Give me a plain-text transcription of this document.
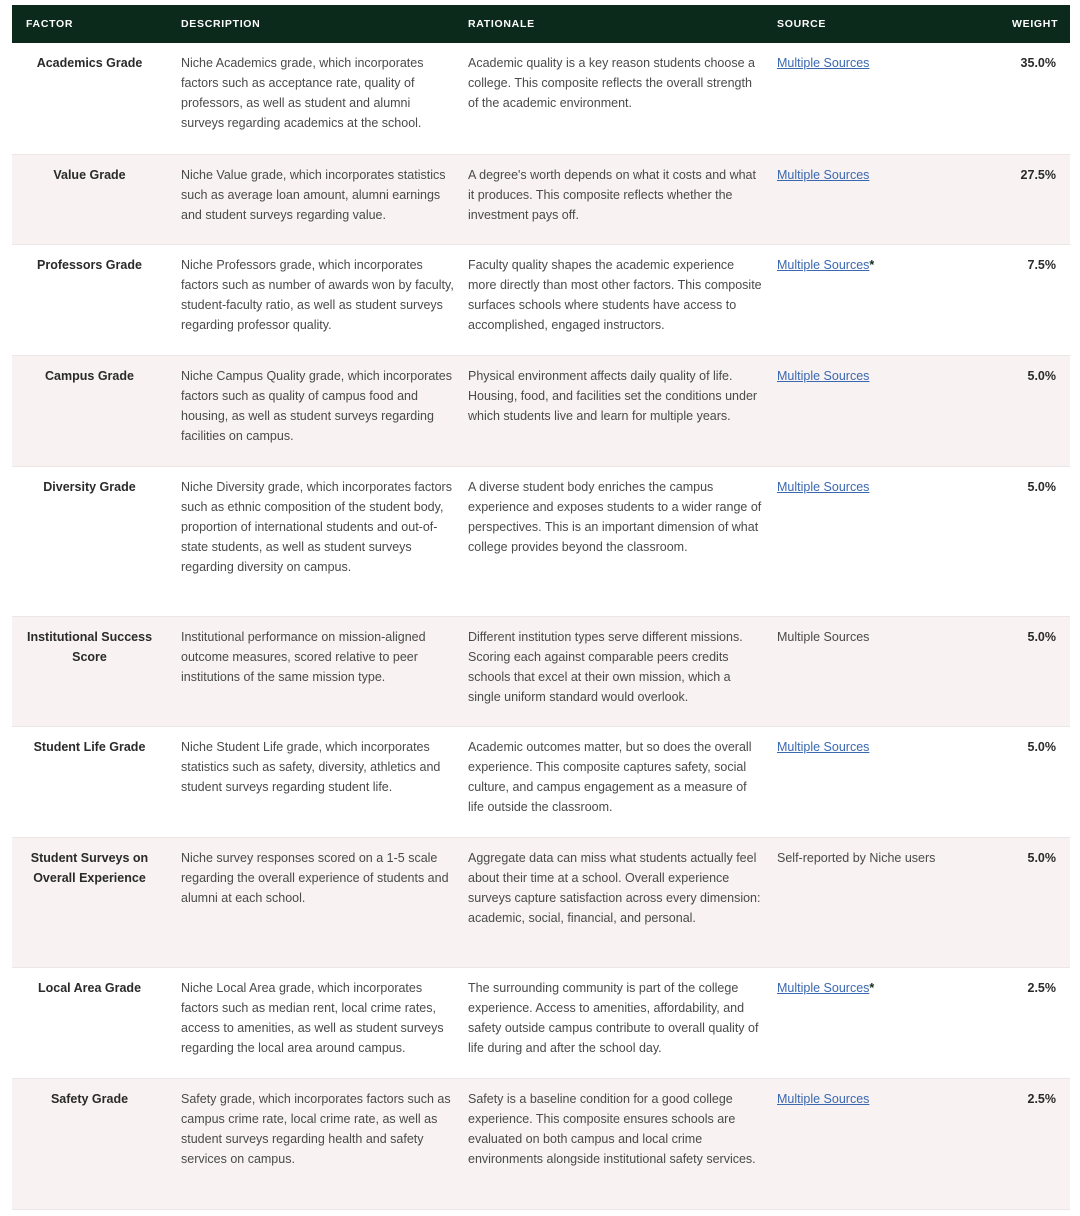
FACTOR	DESCRIPTION	RATIONALE	SOURCE	WEIGHT
Academics Grade	Niche Academics grade, which incorporates factors such as acceptance rate, quality of professors, as well as student and alumni surveys regarding academics at the school.	Academic quality is a key reason students choose a college. This composite reflects the overall strength of the academic environment.	Multiple Sources	35.0%
Value Grade	Niche Value grade, which incorporates statistics such as average loan amount, alumni earnings and student surveys regarding value.	A degree's worth depends on what it costs and what it produces. This composite reflects whether the investment pays off.	Multiple Sources	27.5%
Professors Grade	Niche Professors grade, which incorporates factors such as number of awards won by faculty, student-faculty ratio, as well as student surveys regarding professor quality.	Faculty quality shapes the academic experience more directly than most other factors. This composite surfaces schools where students have access to accomplished, engaged instructors.	Multiple Sources*	7.5%
Campus Grade	Niche Campus Quality grade, which incorporates factors such as quality of campus food and housing, as well as student surveys regarding facilities on campus.	Physical environment affects daily quality of life. Housing, food, and facilities set the conditions under which students live and learn for multiple years.	Multiple Sources	5.0%
Diversity Grade	Niche Diversity grade, which incorporates factors such as ethnic composition of the student body, proportion of international students and out-of-state students, as well as student surveys regarding diversity on campus.	A diverse student body enriches the campus experience and exposes students to a wider range of perspectives. This is an important dimension of what college provides beyond the classroom.	Multiple Sources	5.0%
Institutional Success Score	Institutional performance on mission-aligned outcome measures, scored relative to peer institutions of the same mission type.	Different institution types serve different missions. Scoring each against comparable peers credits schools that excel at their own mission, which a single uniform standard would overlook.	Multiple Sources	5.0%
Student Life Grade	Niche Student Life grade, which incorporates statistics such as safety, diversity, athletics and student surveys regarding student life.	Academic outcomes matter, but so does the overall experience. This composite captures safety, social culture, and campus engagement as a measure of life outside the classroom.	Multiple Sources	5.0%
Student Surveys on Overall Experience	Niche survey responses scored on a 1-5 scale regarding the overall experience of students and alumni at each school.	Aggregate data can miss what students actually feel about their time at a school. Overall experience surveys capture satisfaction across every dimension: academic, social, financial, and personal.	Self-reported by Niche users	5.0%
Local Area Grade	Niche Local Area grade, which incorporates factors such as median rent, local crime rates, access to amenities, as well as student surveys regarding the local area around campus.	The surrounding community is part of the college experience. Access to amenities, affordability, and safety outside campus contribute to overall quality of life during and after the school day.	Multiple Sources*	2.5%
Safety Grade	Safety grade, which incorporates factors such as campus crime rate, local crime rate, as well as student surveys regarding health and safety services on campus.	Safety is a baseline condition for a good college experience. This composite ensures schools are evaluated on both campus and local crime environments alongside institutional safety services.	Multiple Sources	2.5%
